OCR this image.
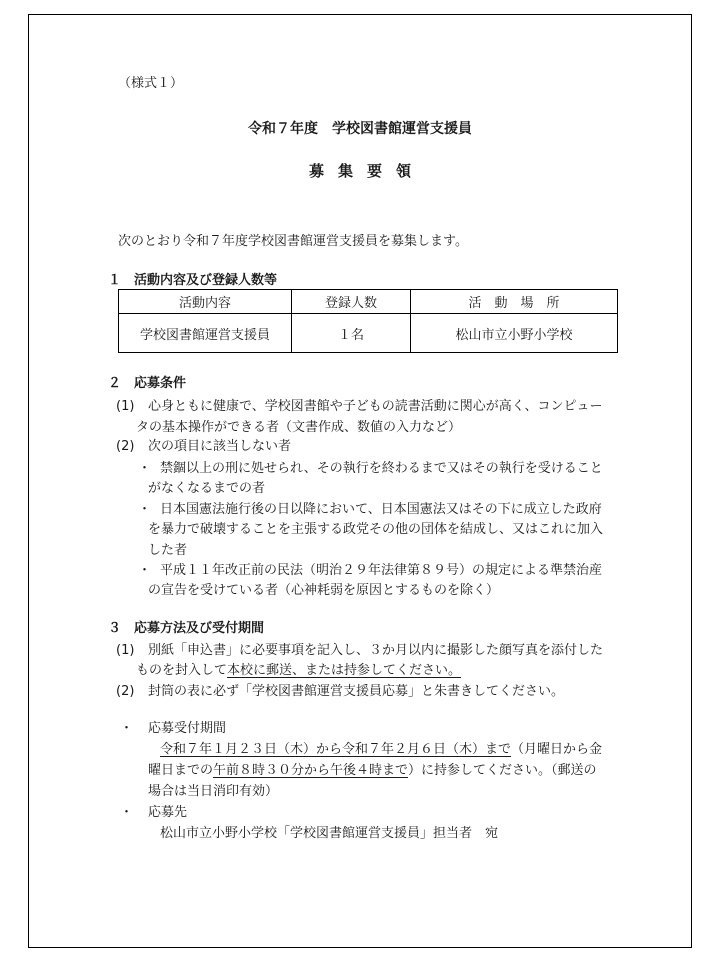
（様式１）
令和７年度　学校図書館運営支援員
募集要領
次のとおり令和７年度学校図書館運営支援員を募集します。
１　活動内容及び登録人数等
活動内容	登録人数	活　動　場　所
学校図書館運営支援員	１名	松山市立小野小学校
２　応募条件
(1) 心身ともに健康で、学校図書館や子どもの読書活動に関心が高く、コンピュー
タの基本操作ができる者（文書作成、数値の入力など）
(2) 次の項目に該当しない者
・ 禁錮以上の刑に処せられ、その執行を終わるまで又はその執行を受けること
がなくなるまでの者
・ 日本国憲法施行後の日以降において、日本国憲法又はその下に成立した政府
を暴力で破壊することを主張する政党その他の団体を結成し、又はこれに加入
した者
・ 平成１１年改正前の民法（明治２９年法律第８９号）の規定による準禁治産
の宣告を受けている者（心神耗弱を原因とするものを除く）
３　応募方法及び受付期間
(1) 別紙「申込書」に必要事項を記入し、３か月以内に撮影した顔写真を添付した
ものを封入して本校に郵送、または持参してください。
(2) 封筒の表に必ず「学校図書館運営支援員応募」と朱書きしてください。
・ 応募受付期間
令和７年１月２３日（木）から令和７年２月６日（木）まで（月曜日から金
曜日までの午前８時３０分から午後４時まで）に持参してください。（郵送の
場合は当日消印有効）
・ 応募先
松山市立小野小学校「学校図書館運営支援員」担当者　宛
